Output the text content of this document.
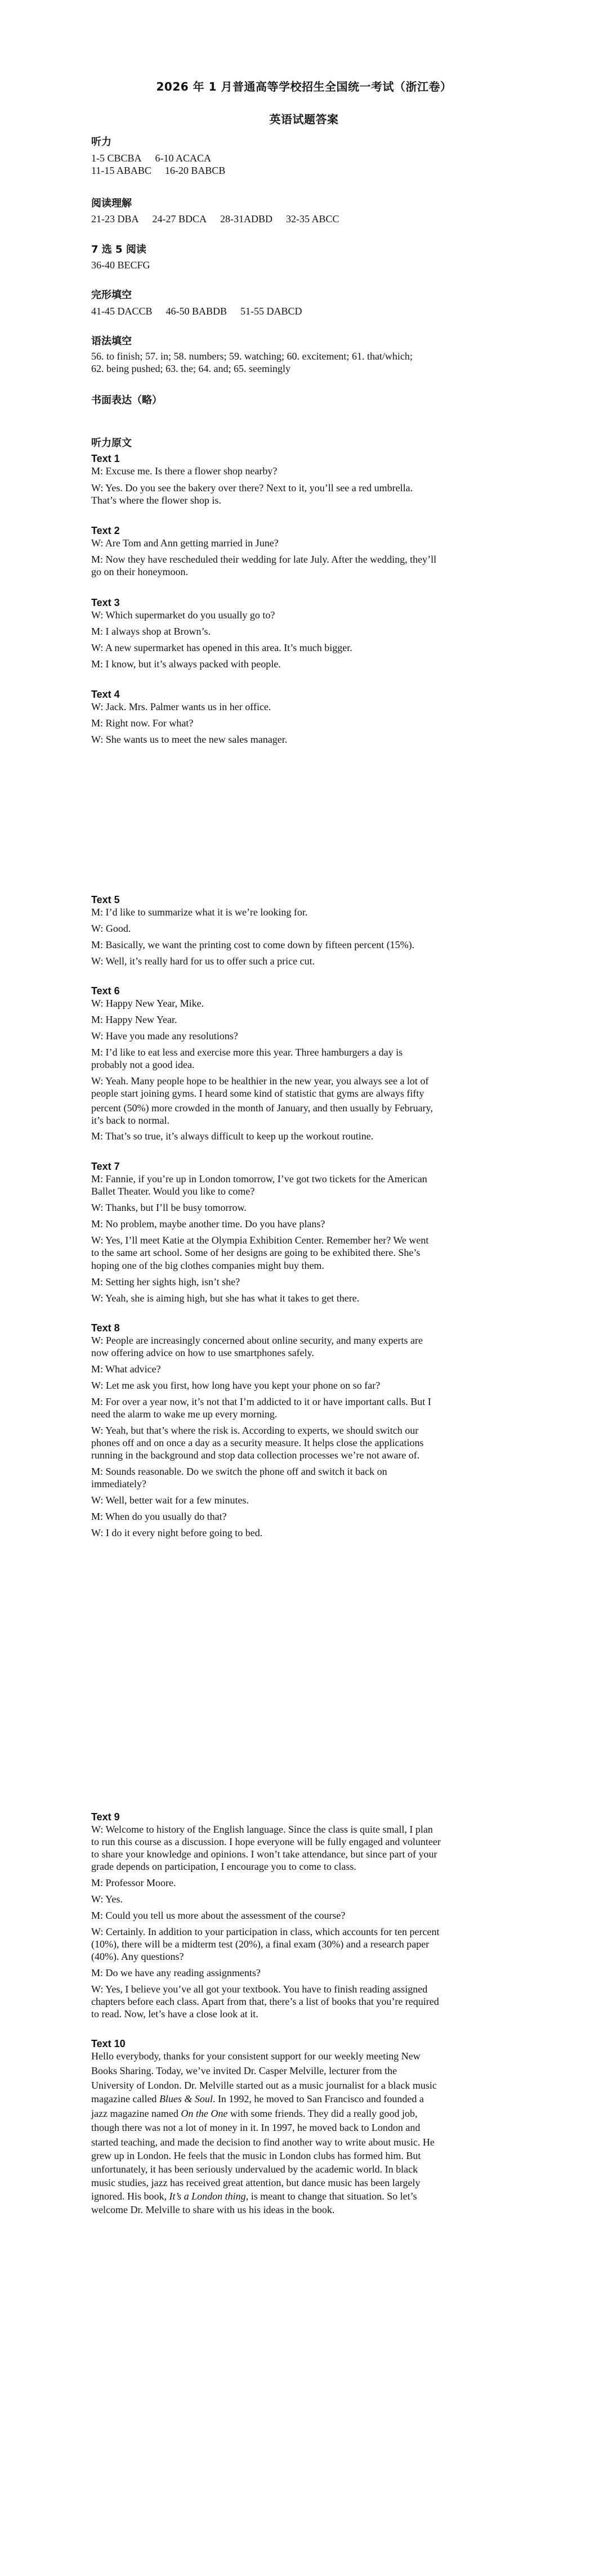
2026 年 1 月普通高等学校招生全国统一考试（浙江卷）
英语试题答案
听力
1-5 CBCBA 6-10 ACACA
11-15 ABABC 16-20 BABCB
阅读理解
21-23 DBA 24-27 BDCA 28-31ADBD 32-35 ABCC
7 选 5 阅读
36-40 BECFG
完形填空
41-45 DACCB 46-50 BABDB 51-55 DABCD
语法填空
56. to finish; 57. in; 58. numbers; 59. watching; 60. excitement; 61. that/which;
62. being pushed; 63. the; 64. and; 65. seemingly
书面表达（略）
听力原文
Text 1
M: Excuse me. Is there a flower shop nearby?
W: Yes. Do you see the bakery over there? Next to it, you’ll see a red umbrella.
That’s where the flower shop is.
Text 2
W: Are Tom and Ann getting married in June?
M: Now they have rescheduled their wedding for late July. After the wedding, they’ll
go on their honeymoon.
Text 3
W: Which supermarket do you usually go to?
M: I always shop at Brown’s.
W: A new supermarket has opened in this area. It’s much bigger.
M: I know, but it’s always packed with people.
Text 4
W: Jack. Mrs. Palmer wants us in her office.
M: Right now. For what?
W: She wants us to meet the new sales manager.
Text 5
M: I’d like to summarize what it is we’re looking for.
W: Good.
M: Basically, we want the printing cost to come down by fifteen percent (15%).
W: Well, it’s really hard for us to offer such a price cut.
Text 6
W: Happy New Year, Mike.
M: Happy New Year.
W: Have you made any resolutions?
M: I’d like to eat less and exercise more this year. Three hamburgers a day is
probably not a good idea.
W: Yeah. Many people hope to be healthier in the new year, you always see a lot of
people start joining gyms. I heard some kind of statistic that gyms are always fifty
percent (50%) more crowded in the month of January, and then usually by February,
it’s back to normal.
M: That’s so true, it’s always difficult to keep up the workout routine.
Text 7
M: Fannie, if you’re up in London tomorrow, I’ve got two tickets for the American
Ballet Theater. Would you like to come?
W: Thanks, but I’ll be busy tomorrow.
M: No problem, maybe another time. Do you have plans?
W: Yes, I’ll meet Katie at the Olympia Exhibition Center. Remember her? We went
to the same art school. Some of her designs are going to be exhibited there. She’s
hoping one of the big clothes companies might buy them.
M: Setting her sights high, isn’t she?
W: Yeah, she is aiming high, but she has what it takes to get there.
Text 8
W: People are increasingly concerned about online security, and many experts are
now offering advice on how to use smartphones safely.
M: What advice?
W: Let me ask you first, how long have you kept your phone on so far?
M: For over a year now, it’s not that I’m addicted to it or have important calls. But I
need the alarm to wake me up every morning.
W: Yeah, but that’s where the risk is. According to experts, we should switch our
phones off and on once a day as a security measure. It helps close the applications
running in the background and stop data collection processes we’re not aware of.
M: Sounds reasonable. Do we switch the phone off and switch it back on
immediately?
W: Well, better wait for a few minutes.
M: When do you usually do that?
W: I do it every night before going to bed.
Text 9
W: Welcome to history of the English language. Since the class is quite small, I plan
to run this course as a discussion. I hope everyone will be fully engaged and volunteer
to share your knowledge and opinions. I won’t take attendance, but since part of your
grade depends on participation, I encourage you to come to class.
M: Professor Moore.
W: Yes.
M: Could you tell us more about the assessment of the course?
W: Certainly. In addition to your participation in class, which accounts for ten percent
(10%), there will be a midterm test (20%), a final exam (30%) and a research paper
(40%). Any questions?
M: Do we have any reading assignments?
W: Yes, I believe you’ve all got your textbook. You have to finish reading assigned
chapters before each class. Apart from that, there’s a list of books that you’re required
to read. Now, let’s have a close look at it.
Text 10
Hello everybody, thanks for your consistent support for our weekly meeting New
Books Sharing. Today, we’ve invited Dr. Casper Melville, lecturer from the
University of London. Dr. Melville started out as a music journalist for a black music
magazine called Blues & Soul. In 1992, he moved to San Francisco and founded a
jazz magazine named On the One with some friends. They did a really good job,
though there was not a lot of money in it. In 1997, he moved back to London and
started teaching, and made the decision to find another way to write about music. He
grew up in London. He feels that the music in London clubs has formed him. But
unfortunately, it has been seriously undervalued by the academic world. In black
music studies, jazz has received great attention, but dance music has been largely
ignored. His book, It’s a London thing, is meant to change that situation. So let’s
welcome Dr. Melville to share with us his ideas in the book.
